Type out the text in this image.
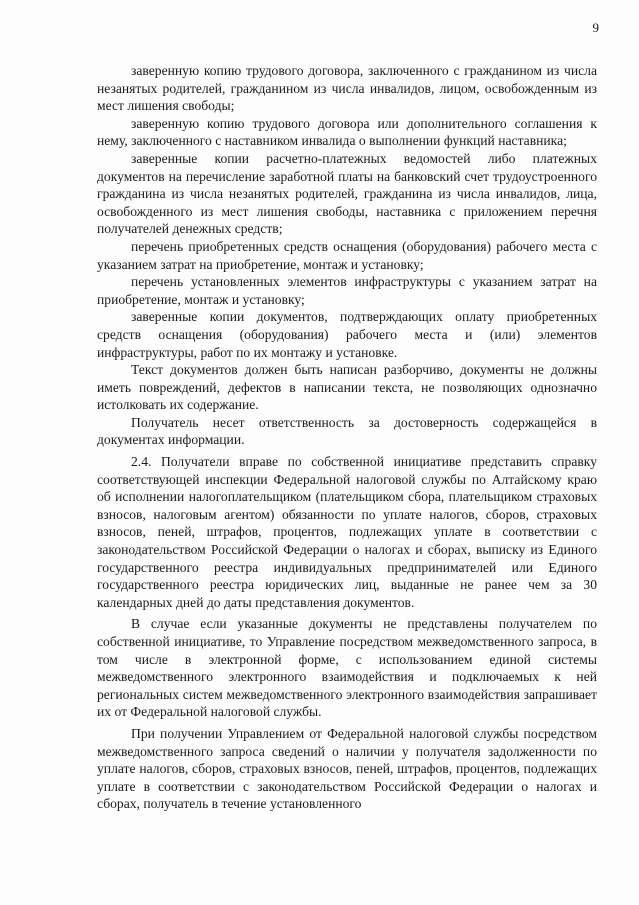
9

заверенную копию трудового договора, заключенного с гражданином из числа незанятых родителей, гражданином из числа инвалидов, лицом, освобожденным из мест лишения свободы;

заверенную копию трудового договора или дополнительного соглашения к нему, заключенного с наставником инвалида о выполнении функций наставника;

заверенные копии расчетно-платежных ведомостей либо платежных документов на перечисление заработной платы на банковский счет трудоустроенного гражданина из числа незанятых родителей, гражданина из числа инвалидов, лица, освобожденного из мест лишения свободы, наставника с приложением перечня получателей денежных средств;

перечень приобретенных средств оснащения (оборудования) рабочего места с указанием затрат на приобретение, монтаж и установку;

перечень установленных элементов инфраструктуры с указанием затрат на приобретение, монтаж и установку;

заверенные копии документов, подтверждающих оплату приобретенных средств оснащения (оборудования) рабочего места и (или) элементов инфраструктуры, работ по их монтажу и установке.

Текст документов должен быть написан разборчиво, документы не должны иметь повреждений, дефектов в написании текста, не позволяющих однозначно истолковать их содержание.

Получатель несет ответственность за достоверность содержащейся в документах информации.

2.4. Получатели вправе по собственной инициативе представить справку соответствующей инспекции Федеральной налоговой службы по Алтайскому краю об исполнении налогоплательщиком (плательщиком сбора, плательщиком страховых взносов, налоговым агентом) обязанности по уплате налогов, сборов, страховых взносов, пеней, штрафов, процентов, подлежащих уплате в соответствии с законодательством Российской Федерации о налогах и сборах, выписку из Единого государственного реестра индивидуальных предпринимателей или Единого государственного реестра юридических лиц, выданные не ранее чем за 30 календарных дней до даты представления документов.

В случае если указанные документы не представлены получателем по собственной инициативе, то Управление посредством межведомственного запроса, в том числе в электронной форме, с использованием единой системы межведомственного электронного взаимодействия и подключаемых к ней региональных систем межведомственного электронного взаимодействия запрашивает их от Федеральной налоговой службы.

При получении Управлением от Федеральной налоговой службы посредством межведомственного запроса сведений о наличии у получателя задолженности по уплате налогов, сборов, страховых взносов, пеней, штрафов, процентов, подлежащих уплате в соответствии с законодательством Российской Федерации о налогах и сборах, получатель в течение установленного
